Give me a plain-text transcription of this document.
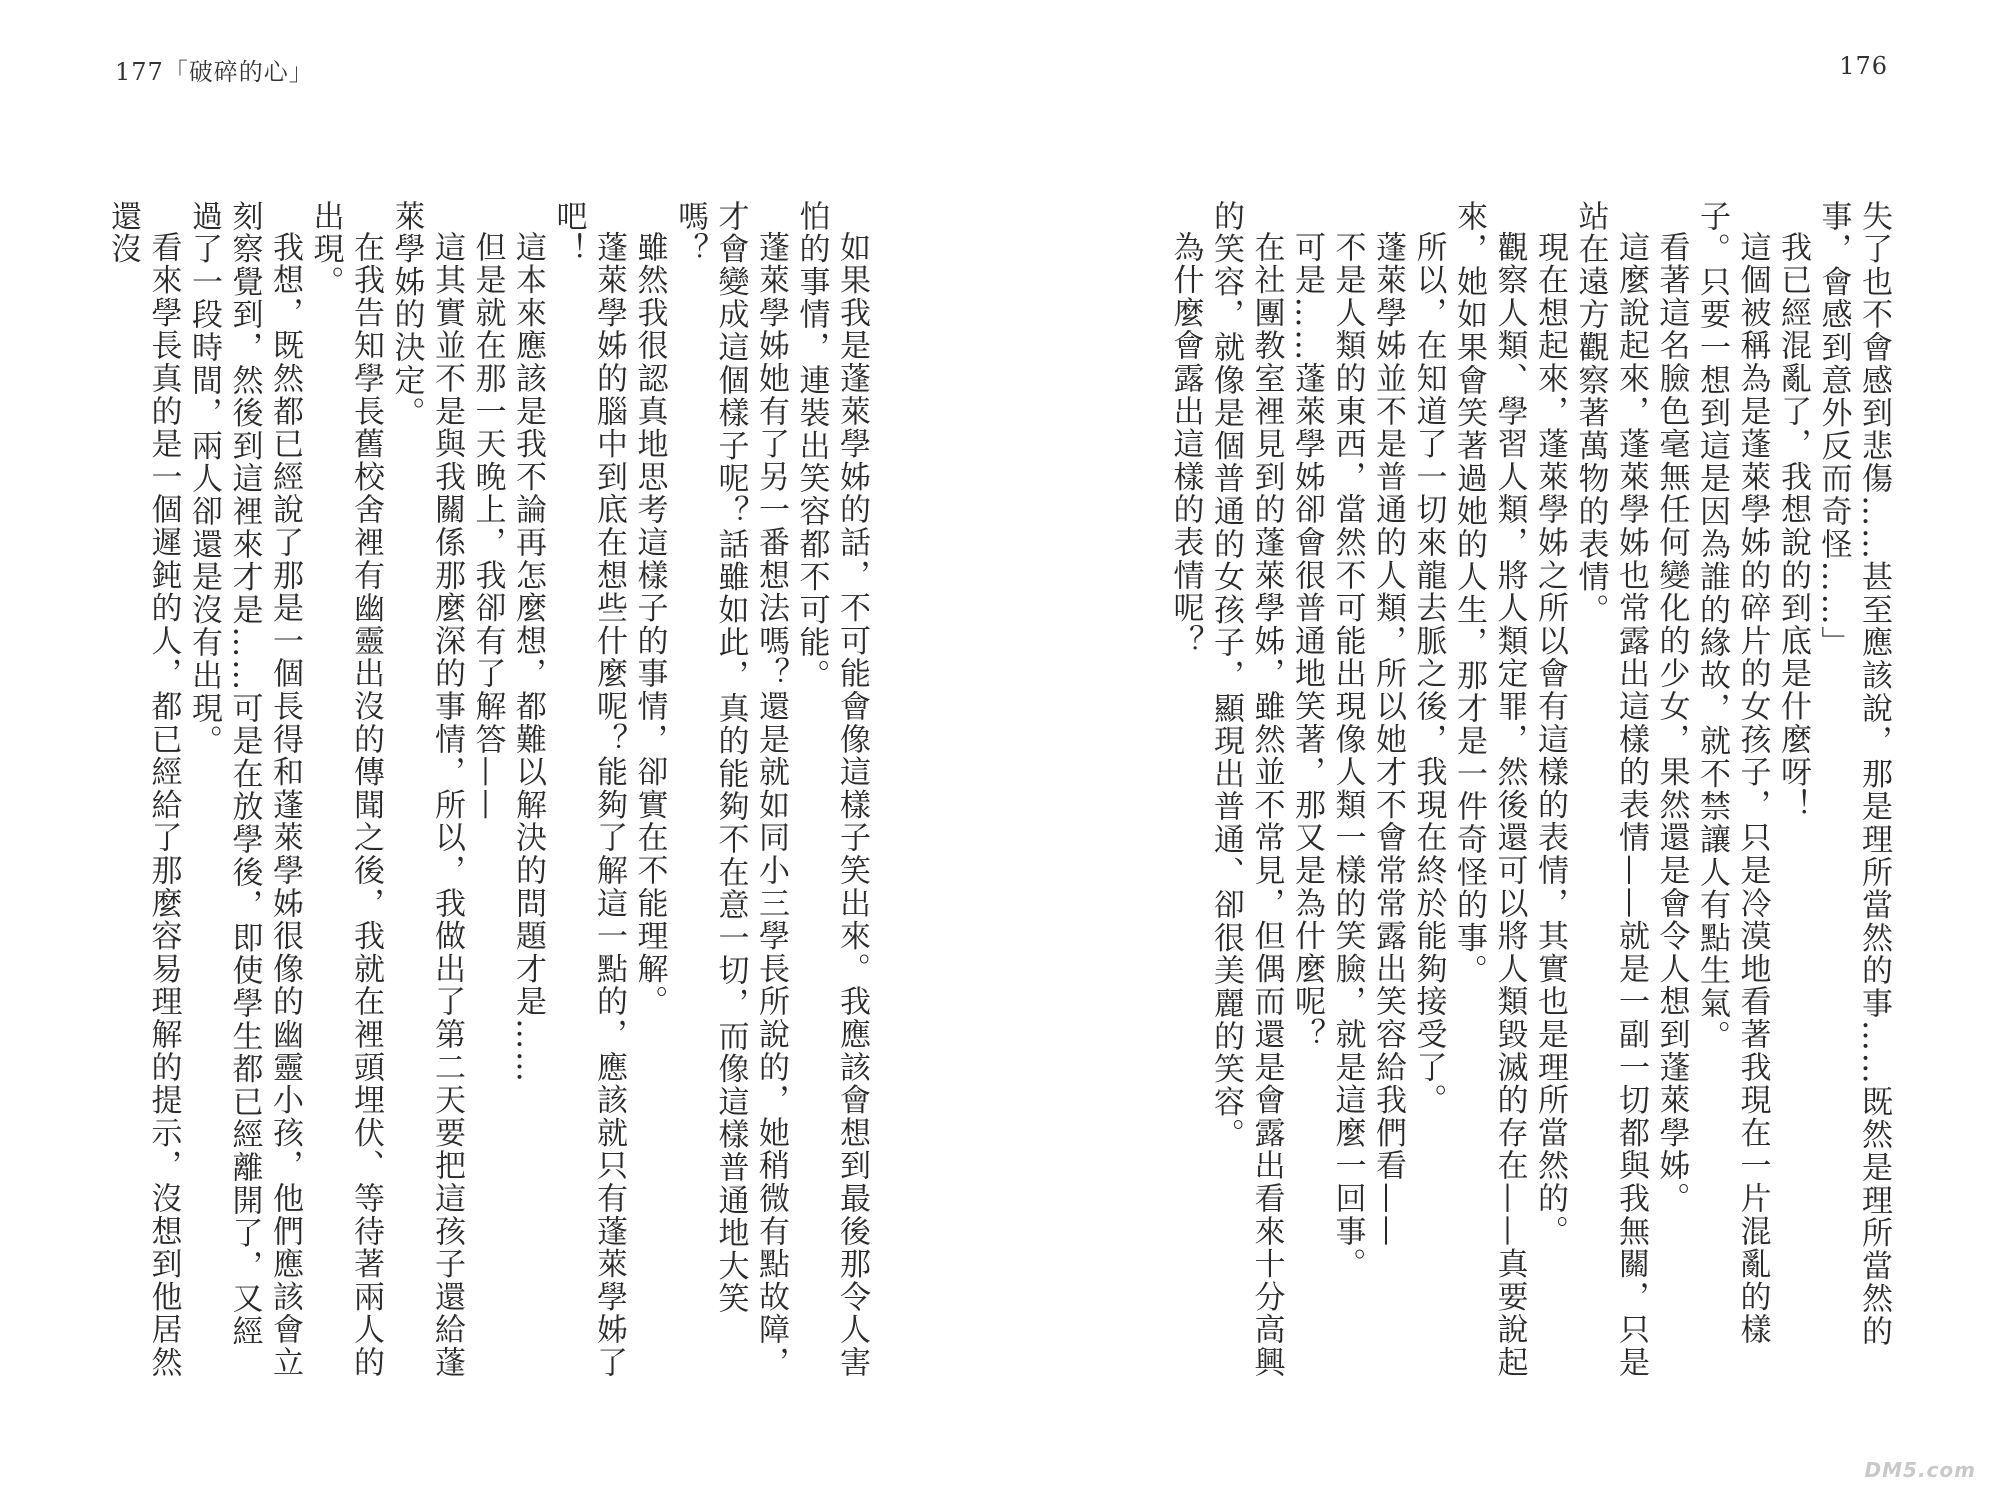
177「破碎的心」	176

失了也不會感到悲傷……甚至應該說，那是理所當然的事……既然是理所當然的事，會感到意外反而奇怪……」

我已經混亂了，我想說的到底是什麼呀！

這個被稱為是蓬萊學姊的碎片的女孩子，只是冷漠地看著我現在一片混亂的樣子。只要一想到這是因為誰的緣故，就不禁讓人有點生氣。

看著這名臉色毫無任何變化的少女，果然還是會令人想到蓬萊學姊。

這麼說起來，蓬萊學姊也常露出這樣的表情——就是一副一切都與我無關，只是站在遠方觀察著萬物的表情。

現在想起來，蓬萊學姊之所以會有這樣的表情，其實也是理所當然的。

觀察人類、學習人類，將人類定罪，然後還可以將人類毀滅的存在——真要說起來，她如果會笑著過她的人生，那才是一件奇怪的事。

所以，在知道了一切來龍去脈之後，我現在終於能夠接受了。

蓬萊學姊並不是普通的人類，所以她才不會常常露出笑容給我們看——

不是人類的東西，當然不可能出現像人類一樣的笑臉，就是這麼一回事。

可是……蓬萊學姊卻會很普通地笑著，那又是為什麼呢？

在社團教室裡見到的蓬萊學姊，雖然並不常見，但偶而還是會露出看來十分高興的笑容，就像是個普通的女孩子，顯現出普通、卻很美麗的笑容。

為什麼會露出這樣的表情呢？

如果我是蓬萊學姊的話，不可能會像這樣子笑出來。我應該會想到最後那令人害怕的事情，連裝出笑容都不可能。

蓬萊學姊她有了另一番想法嗎？還是就如同小三學長所說的，她稍微有點故障，才會變成這個樣子呢？話雖如此，真的能夠不在意一切，而像這樣普通地大笑嗎？

雖然我很認真地思考這樣子的事情，卻實在不能理解。

蓬萊學姊的腦中到底在想些什麼呢？能夠了解這一點的，應該就只有蓬萊學姊了吧！

這本來應該是我不論再怎麼想，都難以解決的問題才是……

但是就在那一天晚上，我卻有了解答——

這其實並不是與我關係那麼深的事情，所以，我做出了第二天要把這孩子還給蓬萊學姊的決定。

在我告知學長舊校舍裡有幽靈出沒的傳聞之後，我就在裡頭埋伏、等待著兩人的出現。

我想，既然都已經說了那是一個長得和蓬萊學姊很像的幽靈小孩，他們應該會立刻察覺到，然後到這裡來才是……可是在放學後，即使學生都已經離開了，又經過了一段時間，兩人卻還是沒有出現。

看來學長真的是一個遲鈍的人，都已經給了那麼容易理解的提示，沒想到他居然還沒

DM5.com
